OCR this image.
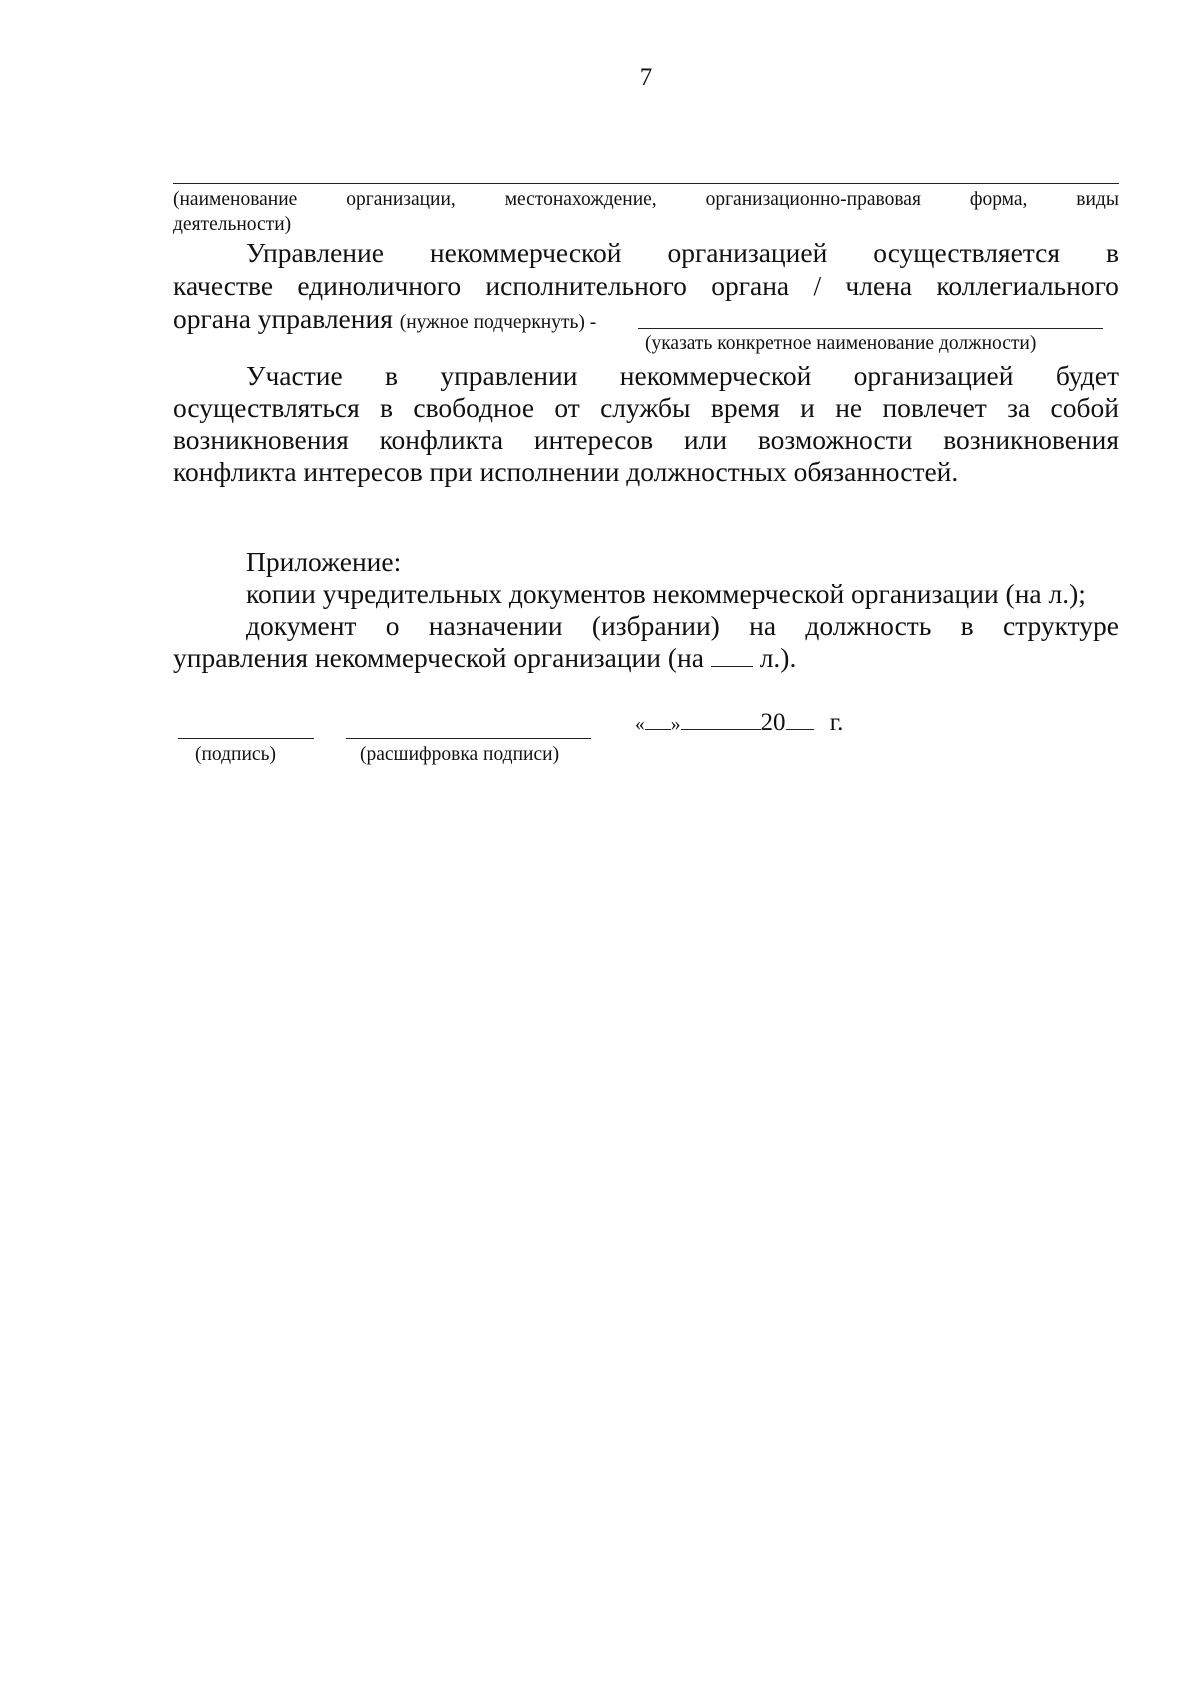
7
(наименование	организации,	местонахождение,	организационно-правовая	форма,	виды
деятельности)
Управление некоммерческой организацией осуществляется в
качестве единоличного исполнительного органа / члена коллегиального
органа управления (нужное подчеркнуть) -
(указать конкретное наименование должности)
Участие в управлении некоммерческой организацией будет
осуществляться в свободное от службы время и не повлечет за собой
возникновения конфликта интересов или возможности возникновения
конфликта интересов при исполнении должностных обязанностей.
Приложение:
копии учредительных документов некоммерческой организации (на л.);
документ о назначении (избрании) на должность в структуре
управления некоммерческой организации (на л.).
(подпись)	(расшифровка подписи)
« »	20 г.
